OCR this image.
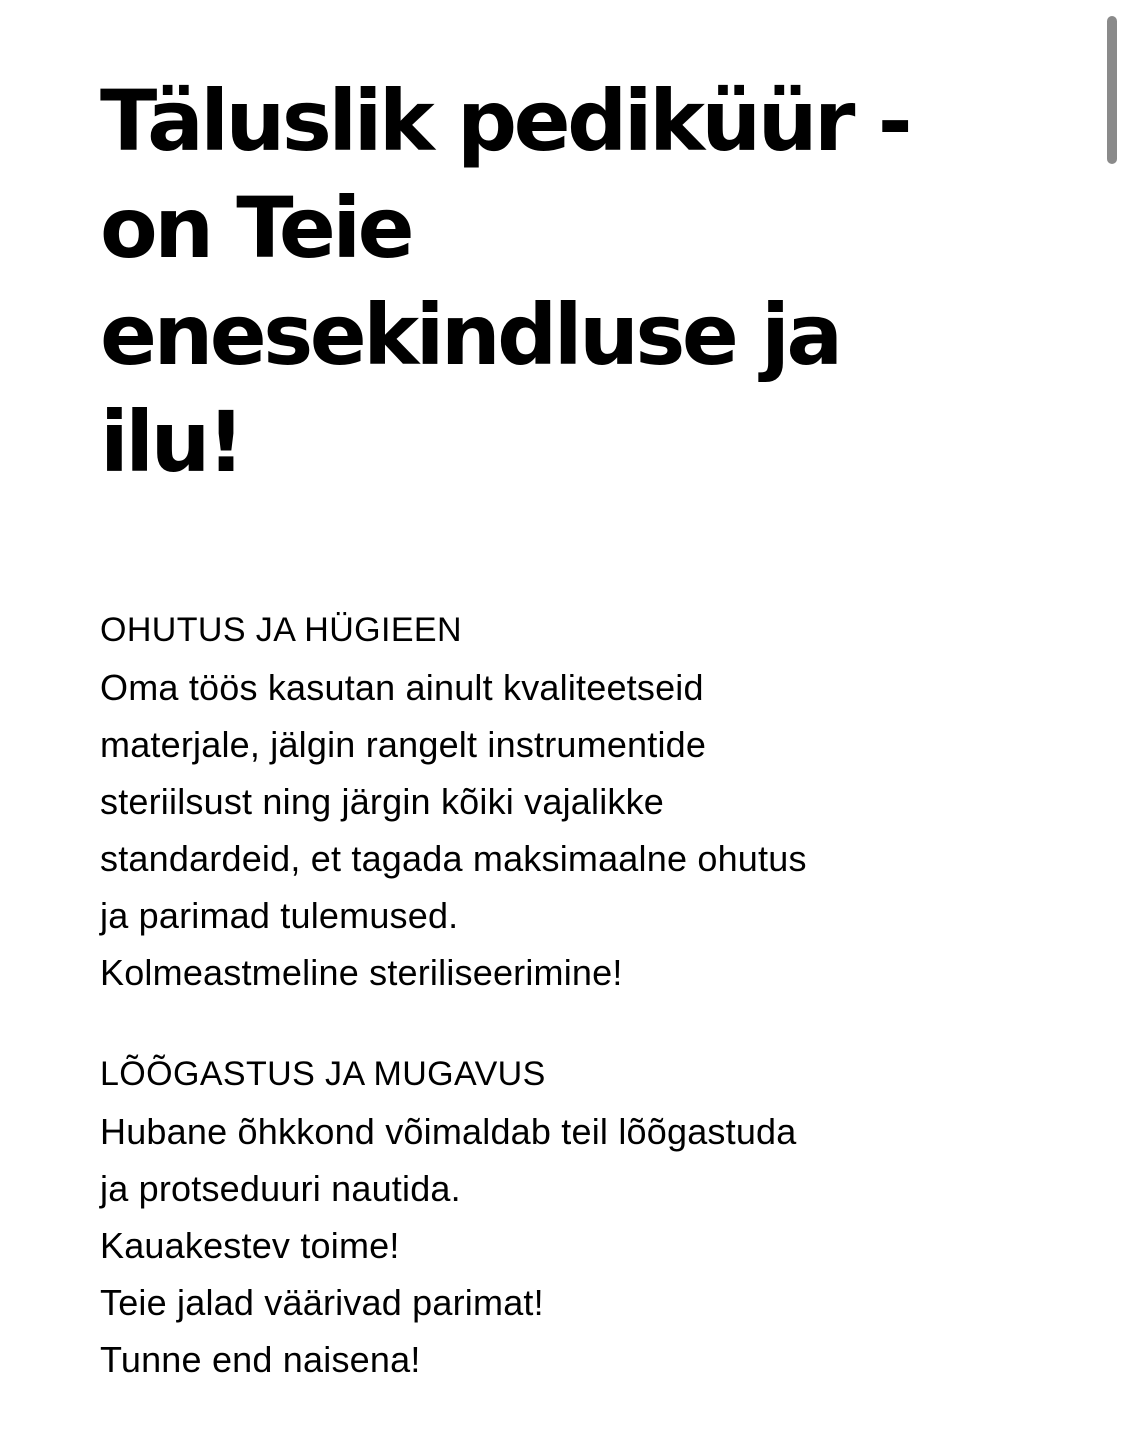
Täluslik pediküür -
on Teie
enesekindluse ja
ilu!
OHUTUS JA HÜGIEEN
Oma töös kasutan ainult kvaliteetseid
materjale, jälgin rangelt instrumentide
steriilsust ning järgin kõiki vajalikke
standardeid, et tagada maksimaalne ohutus
ja parimad tulemused.
Kolmeastmeline steriliseerimine!
LÕÕGASTUS JA MUGAVUS
Hubane õhkkond võimaldab teil lõõgastuda
ja protseduuri nautida.
Kauakestev toime!
Teie jalad väärivad parimat!
Tunne end naisena!
